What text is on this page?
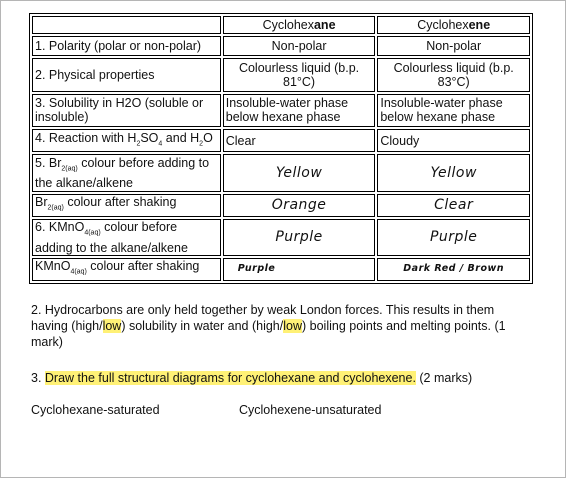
	Cyclohexane	Cyclohexene
1. Polarity (polar or non-polar)	Non-polar	Non-polar
2. Physical properties	Colourless liquid (b.p. 81°C)	Colourless liquid (b.p. 83°C)
3. Solubility in H2O (soluble or insoluble)	Insoluble-water phase below hexane phase	Insoluble-water phase below hexane phase
4. Reaction with $H_2SO_4$ and $H_2O$	Clear	Cloudy
5. $Br_{2(aq)}$ colour before adding to the alkane/alkene	Yellow	Yellow
$Br_{2(aq)}$ colour after shaking	Orange	Clear
6. KMnO$_{4(aq)}$ colour before adding to the alkane/alkene	Purple	Purple
KMnO$_{4(aq)}$ colour after shaking	Purple	Dark Red / Brown
2. Hydrocarbons are only held together by weak London forces. This results in them having (high/low) solubility in water and (high/low) boiling points and melting points. (1 mark)
3. Draw the full structural diagrams for cyclohexane and cyclohexene. (2 marks)
Cyclohexane-saturated	Cyclohexene-unsaturated
